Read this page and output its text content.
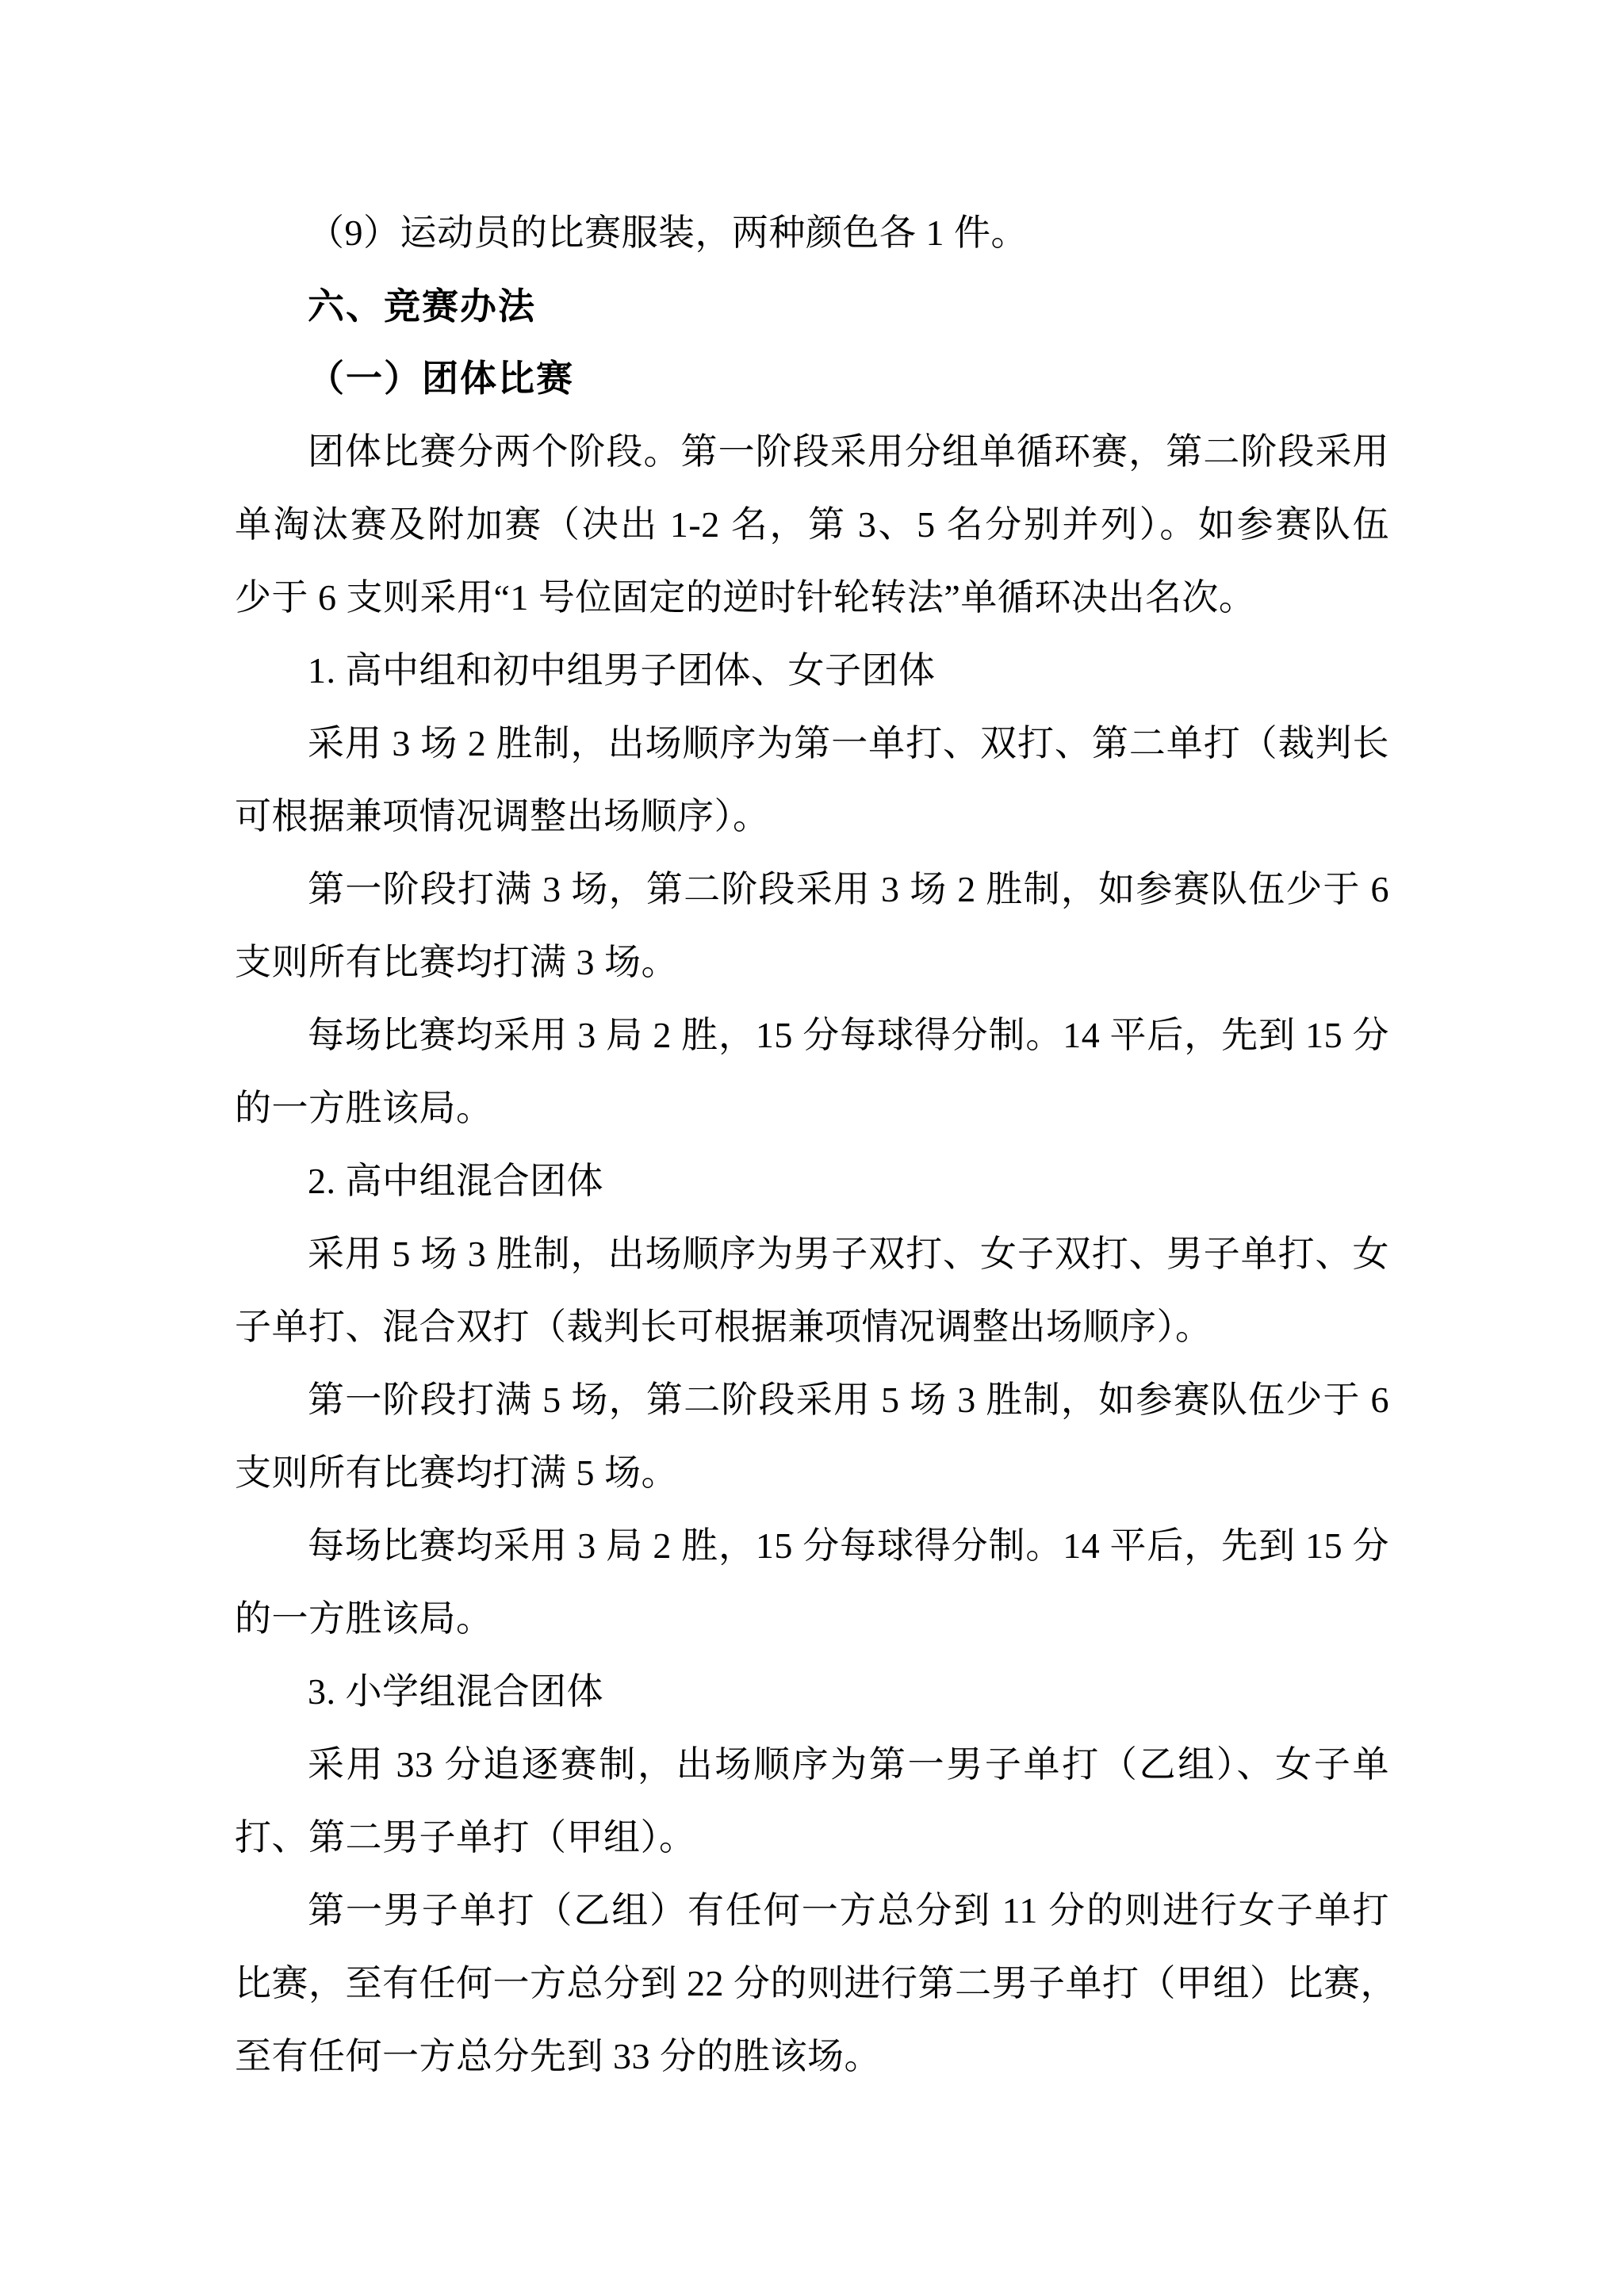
（9）运动员的比赛服装，两种颜色各 1 件。
六、竞赛办法
（一）团体比赛
团体比赛分两个阶段。第一阶段采用分组单循环赛，第二阶段采用
单淘汰赛及附加赛（决出 1-2 名，第 3、5 名分别并列）。如参赛队伍
少于 6 支则采用“1 号位固定的逆时针轮转法”单循环决出名次。
1. 高中组和初中组男子团体、女子团体
采用 3 场 2 胜制，出场顺序为第一单打、双打、第二单打（裁判长
可根据兼项情况调整出场顺序）。
第一阶段打满 3 场，第二阶段采用 3 场 2 胜制，如参赛队伍少于 6
支则所有比赛均打满 3 场。
每场比赛均采用 3 局 2 胜，15 分每球得分制。14 平后，先到 15 分
的一方胜该局。
2. 高中组混合团体
采用 5 场 3 胜制，出场顺序为男子双打、女子双打、男子单打、女
子单打、混合双打（裁判长可根据兼项情况调整出场顺序）。
第一阶段打满 5 场，第二阶段采用 5 场 3 胜制，如参赛队伍少于 6
支则所有比赛均打满 5 场。
每场比赛均采用 3 局 2 胜，15 分每球得分制。14 平后，先到 15 分
的一方胜该局。
3. 小学组混合团体
采用 33 分追逐赛制，出场顺序为第一男子单打（乙组）、女子单
打、第二男子单打（甲组）。
第一男子单打（乙组）有任何一方总分到 11 分的则进行女子单打
比赛，至有任何一方总分到 22 分的则进行第二男子单打（甲组）比赛，
至有任何一方总分先到 33 分的胜该场。
